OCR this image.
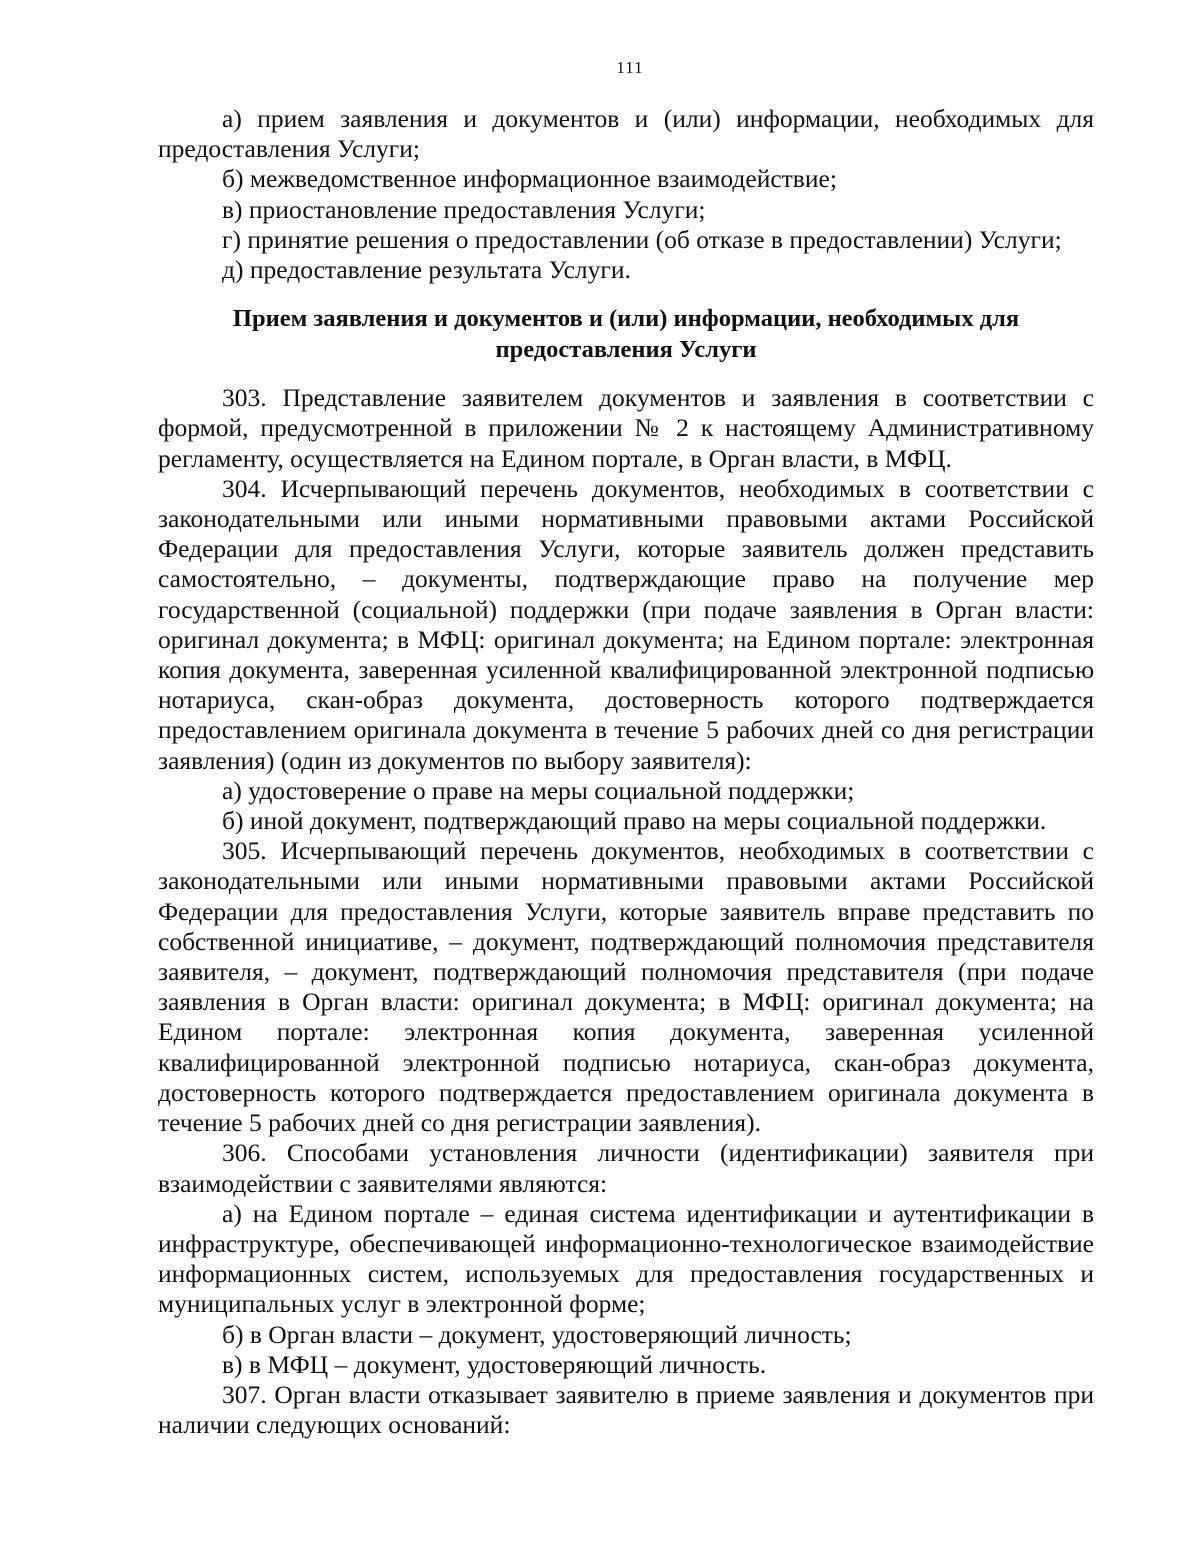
111

а) прием заявления и документов и (или) информации, необходимых для предоставления Услуги;

б) межведомственное информационное взаимодействие;

в) приостановление предоставления Услуги;

г) принятие решения о предоставлении (об отказе в предоставлении) Услуги;

д) предоставление результата Услуги.

Прием заявления и документов и (или) информации, необходимых для предоставления Услуги

303. Представление заявителем документов и заявления в соответствии с формой, предусмотренной в приложении № 2 к настоящему Административному регламенту, осуществляется на Едином портале, в Орган власти, в МФЦ.

304. Исчерпывающий перечень документов, необходимых в соответствии с законодательными или иными нормативными правовыми актами Российской Федерации для предоставления Услуги, которые заявитель должен представить самостоятельно, – документы, подтверждающие право на получение мер государственной (социальной) поддержки (при подаче заявления в Орган власти: оригинал документа; в МФЦ: оригинал документа; на Едином портале: электронная копия документа, заверенная усиленной квалифицированной электронной подписью нотариуса, скан-образ документа, достоверность которого подтверждается предоставлением оригинала документа в течение 5 рабочих дней со дня регистрации заявления) (один из документов по выбору заявителя):

а) удостоверение о праве на меры социальной поддержки;

б) иной документ, подтверждающий право на меры социальной поддержки.

305. Исчерпывающий перечень документов, необходимых в соответствии с законодательными или иными нормативными правовыми актами Российской Федерации для предоставления Услуги, которые заявитель вправе представить по собственной инициативе, – документ, подтверждающий полномочия представителя заявителя, – документ, подтверждающий полномочия представителя (при подаче заявления в Орган власти: оригинал документа; в МФЦ: оригинал документа; на Едином портале: электронная копия документа, заверенная усиленной квалифицированной электронной подписью нотариуса, скан-образ документа, достоверность которого подтверждается предоставлением оригинала документа в течение 5 рабочих дней со дня регистрации заявления).

306. Способами установления личности (идентификации) заявителя при взаимодействии с заявителями являются:

а) на Едином портале – единая система идентификации и аутентификации в инфраструктуре, обеспечивающей информационно-технологическое взаимодействие информационных систем, используемых для предоставления государственных и муниципальных услуг в электронной форме;

б) в Орган власти – документ, удостоверяющий личность;

в) в МФЦ – документ, удостоверяющий личность.

307. Орган власти отказывает заявителю в приеме заявления и документов при наличии следующих оснований:
